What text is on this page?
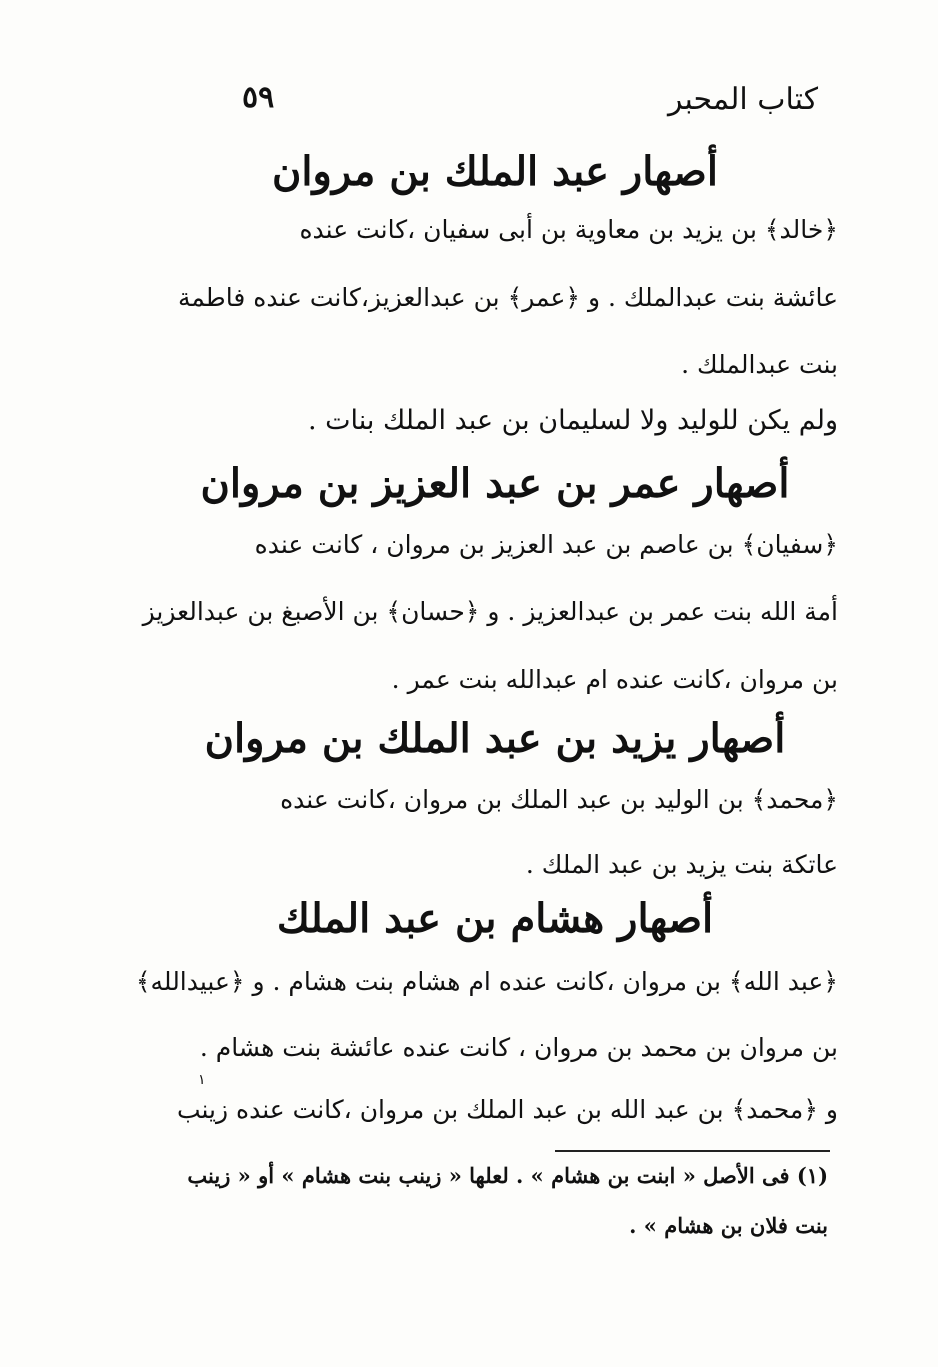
كتاب المحبر
٥٩
أصهار عبد الملك بن مروان
﴿خالد﴾ بن يزيد بن معاوية بن أبى سفيان ،كانت عنده
عائشة بنت عبدالملك . و ﴿عمر﴾ بن عبدالعزيز،كانت عنده فاطمة
بنت عبدالملك .
ولم يكن للوليد ولا لسليمان بن عبد الملك بنات .
أصهار عمر بن عبد العزيز بن مروان
﴿سفيان﴾ بن عاصم بن عبد العزيز بن مروان ، كانت عنده
أمة الله بنت عمر بن عبدالعزيز . و ﴿حسان﴾ بن الأصبغ بن عبدالعزيز
بن مروان ،كانت عنده ام عبدالله بنت عمر .
أصهار يزيد بن عبد الملك بن مروان
﴿محمد﴾ بن الوليد بن عبد الملك بن مروان ،كانت عنده
عاتكة بنت يزيد بن عبد الملك .
أصهار هشام بن عبد الملك
﴿عبد الله﴾ بن مروان ،كانت عنده ام هشام بنت هشام . و ﴿عبيدالله﴾
بن مروان بن محمد بن مروان ، كانت عنده عائشة بنت هشام .
و ﴿محمد﴾ بن عبد الله بن عبد الملك بن مروان ،كانت عنده زينب
١
(١) فى الأصل « ابنت بن هشام » . لعلها « زينب بنت هشام » أو « زينب
بنت فلان بن هشام » .
